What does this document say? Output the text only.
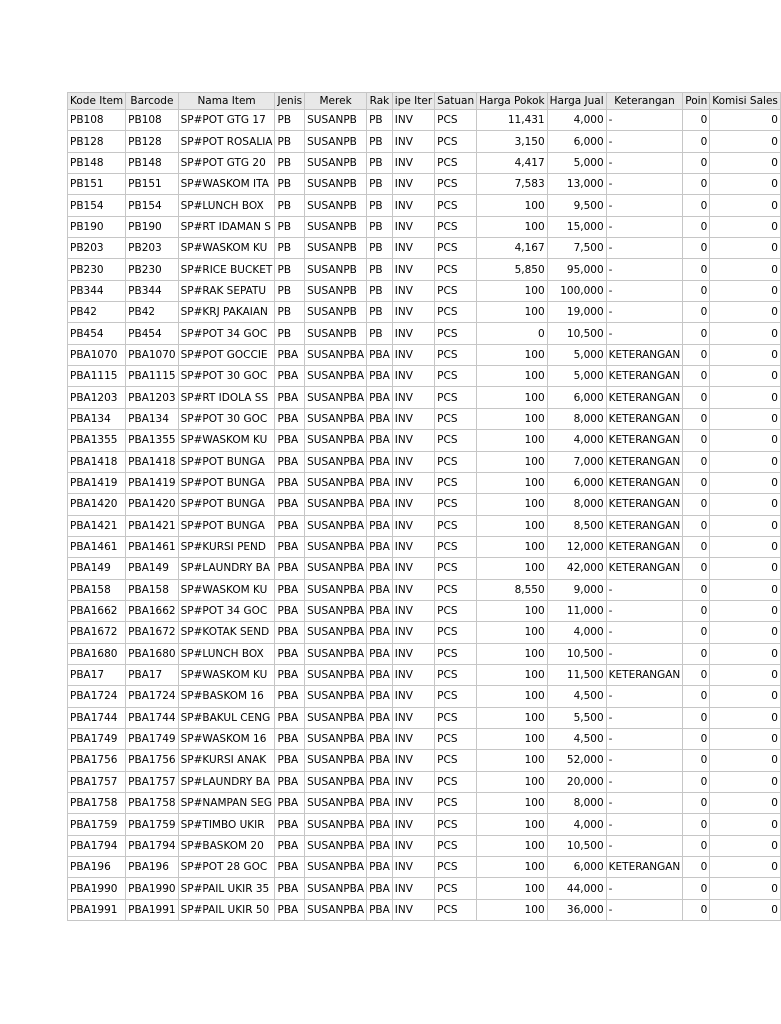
Kode Item	Barcode	Nama Item	Jenis	Merek	Rak	ipe Iter	Satuan	Harga Pokok	Harga Jual	Keterangan	Poin	Komisi Sales
PB108	PB108	SP#POT GTG 17	PB	SUSANPB	PB	INV	PCS	11,431	4,000	-	0	0
PB128	PB128	SP#POT ROSALIA	PB	SUSANPB	PB	INV	PCS	3,150	6,000	-	0	0
PB148	PB148	SP#POT GTG 20	PB	SUSANPB	PB	INV	PCS	4,417	5,000	-	0	0
PB151	PB151	SP#WASKOM ITA	PB	SUSANPB	PB	INV	PCS	7,583	13,000	-	0	0
PB154	PB154	SP#LUNCH BOX	PB	SUSANPB	PB	INV	PCS	100	9,500	-	0	0
PB190	PB190	SP#RT IDAMAN S	PB	SUSANPB	PB	INV	PCS	100	15,000	-	0	0
PB203	PB203	SP#WASKOM KU	PB	SUSANPB	PB	INV	PCS	4,167	7,500	-	0	0
PB230	PB230	SP#RICE BUCKET	PB	SUSANPB	PB	INV	PCS	5,850	95,000	-	0	0
PB344	PB344	SP#RAK SEPATU	PB	SUSANPB	PB	INV	PCS	100	100,000	-	0	0
PB42	PB42	SP#KRJ PAKAIAN	PB	SUSANPB	PB	INV	PCS	100	19,000	-	0	0
PB454	PB454	SP#POT 34 GOC	PB	SUSANPB	PB	INV	PCS	0	10,500	-	0	0
PBA1070	PBA1070	SP#POT GOCCIE	PBA	SUSANPBA	PBA	INV	PCS	100	5,000	KETERANGAN	0	0
PBA1115	PBA1115	SP#POT 30 GOC	PBA	SUSANPBA	PBA	INV	PCS	100	5,000	KETERANGAN	0	0
PBA1203	PBA1203	SP#RT IDOLA SS	PBA	SUSANPBA	PBA	INV	PCS	100	6,000	KETERANGAN	0	0
PBA134	PBA134	SP#POT 30 GOC	PBA	SUSANPBA	PBA	INV	PCS	100	8,000	KETERANGAN	0	0
PBA1355	PBA1355	SP#WASKOM KU	PBA	SUSANPBA	PBA	INV	PCS	100	4,000	KETERANGAN	0	0
PBA1418	PBA1418	SP#POT BUNGA	PBA	SUSANPBA	PBA	INV	PCS	100	7,000	KETERANGAN	0	0
PBA1419	PBA1419	SP#POT BUNGA	PBA	SUSANPBA	PBA	INV	PCS	100	6,000	KETERANGAN	0	0
PBA1420	PBA1420	SP#POT BUNGA	PBA	SUSANPBA	PBA	INV	PCS	100	8,000	KETERANGAN	0	0
PBA1421	PBA1421	SP#POT BUNGA	PBA	SUSANPBA	PBA	INV	PCS	100	8,500	KETERANGAN	0	0
PBA1461	PBA1461	SP#KURSI PEND	PBA	SUSANPBA	PBA	INV	PCS	100	12,000	KETERANGAN	0	0
PBA149	PBA149	SP#LAUNDRY BA	PBA	SUSANPBA	PBA	INV	PCS	100	42,000	KETERANGAN	0	0
PBA158	PBA158	SP#WASKOM KU	PBA	SUSANPBA	PBA	INV	PCS	8,550	9,000	-	0	0
PBA1662	PBA1662	SP#POT 34 GOC	PBA	SUSANPBA	PBA	INV	PCS	100	11,000	-	0	0
PBA1672	PBA1672	SP#KOTAK SEND	PBA	SUSANPBA	PBA	INV	PCS	100	4,000	-	0	0
PBA1680	PBA1680	SP#LUNCH BOX	PBA	SUSANPBA	PBA	INV	PCS	100	10,500	-	0	0
PBA17	PBA17	SP#WASKOM KU	PBA	SUSANPBA	PBA	INV	PCS	100	11,500	KETERANGAN	0	0
PBA1724	PBA1724	SP#BASKOM 16	PBA	SUSANPBA	PBA	INV	PCS	100	4,500	-	0	0
PBA1744	PBA1744	SP#BAKUL CENG	PBA	SUSANPBA	PBA	INV	PCS	100	5,500	-	0	0
PBA1749	PBA1749	SP#WASKOM 16	PBA	SUSANPBA	PBA	INV	PCS	100	4,500	-	0	0
PBA1756	PBA1756	SP#KURSI ANAK	PBA	SUSANPBA	PBA	INV	PCS	100	52,000	-	0	0
PBA1757	PBA1757	SP#LAUNDRY BA	PBA	SUSANPBA	PBA	INV	PCS	100	20,000	-	0	0
PBA1758	PBA1758	SP#NAMPAN SEG	PBA	SUSANPBA	PBA	INV	PCS	100	8,000	-	0	0
PBA1759	PBA1759	SP#TIMBO UKIR	PBA	SUSANPBA	PBA	INV	PCS	100	4,000	-	0	0
PBA1794	PBA1794	SP#BASKOM 20	PBA	SUSANPBA	PBA	INV	PCS	100	10,500	-	0	0
PBA196	PBA196	SP#POT 28 GOC	PBA	SUSANPBA	PBA	INV	PCS	100	6,000	KETERANGAN	0	0
PBA1990	PBA1990	SP#PAIL UKIR 35	PBA	SUSANPBA	PBA	INV	PCS	100	44,000	-	0	0
PBA1991	PBA1991	SP#PAIL UKIR 50	PBA	SUSANPBA	PBA	INV	PCS	100	36,000	-	0	0
